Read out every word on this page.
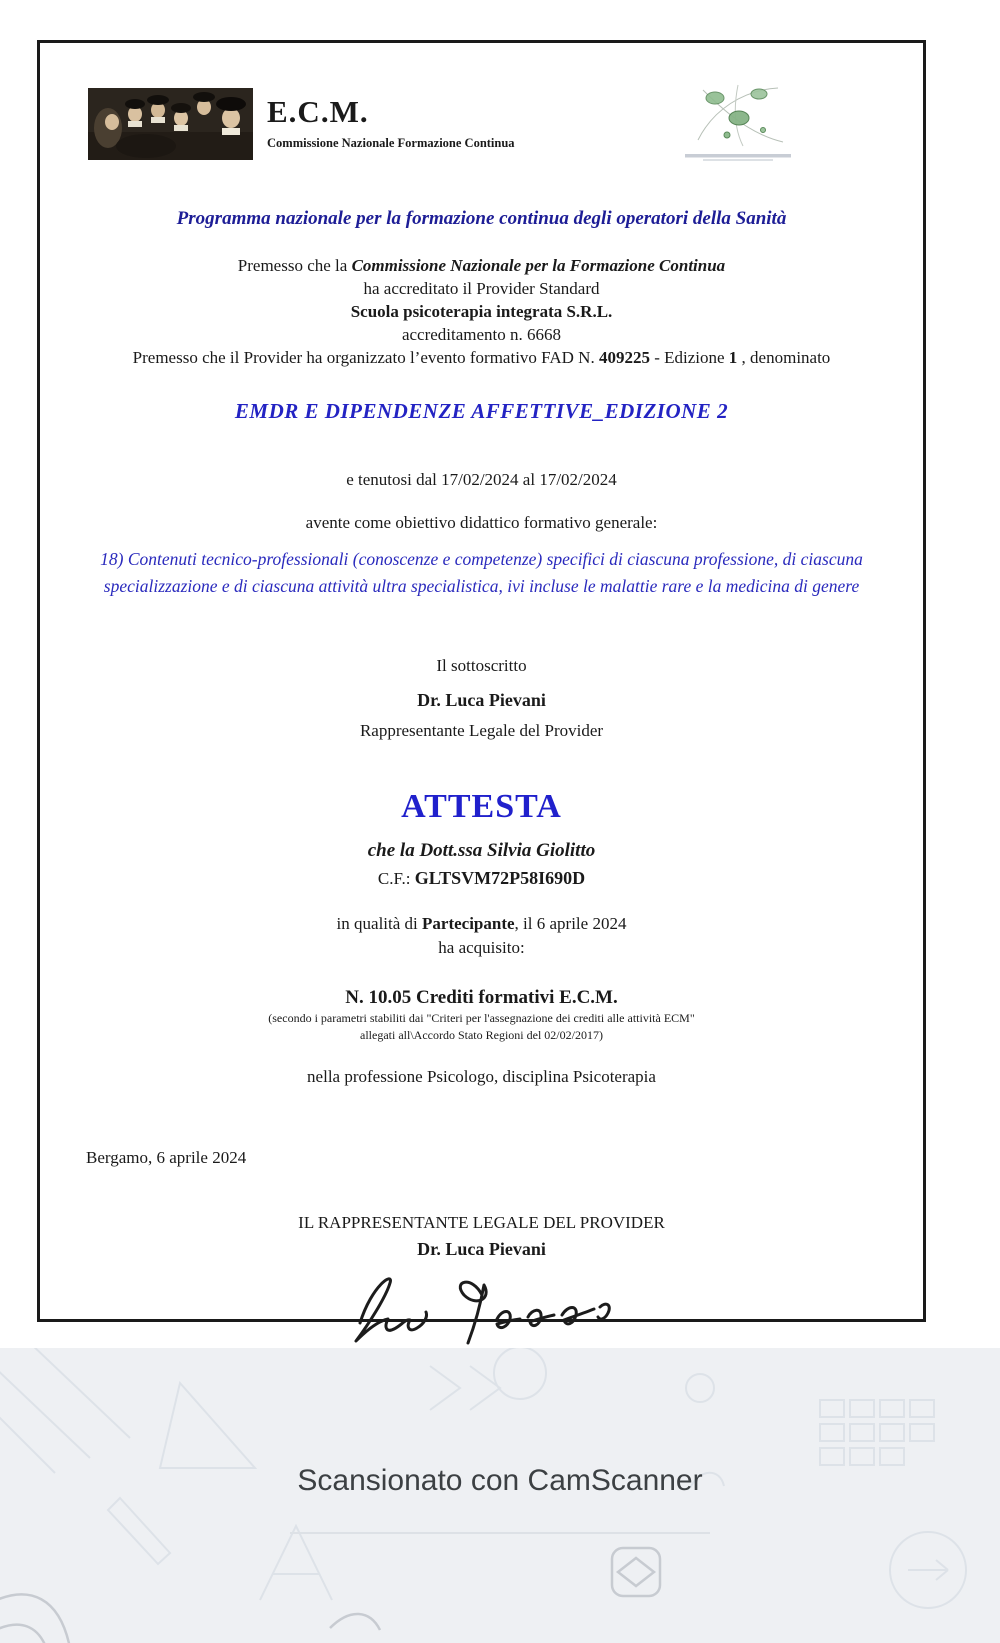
E.C.M.
Commissione Nazionale Formazione Continua
Programma nazionale per la formazione continua degli operatori della Sanità
Premesso che la Commissione Nazionale per la Formazione Continua
ha accreditato il Provider Standard
Scuola psicoterapia integrata S.R.L.
accreditamento n. 6668
Premesso che il Provider ha organizzato l’evento formativo FAD N. 409225 - Edizione 1 , denominato
EMDR E DIPENDENZE AFFETTIVE_EDIZIONE 2
e tenutosi dal 17/02/2024 al 17/02/2024
avente come obiettivo didattico formativo generale:
18) Contenuti tecnico-professionali (conoscenze e competenze) specifici di ciascuna professione, di ciascuna specializzazione e di ciascuna attività ultra specialistica, ivi incluse le malattie rare e la medicina di genere
Il sottoscritto
Dr. Luca Pievani
Rappresentante Legale del Provider
ATTESTA
che la Dott.ssa Silvia Giolitto
C.F.: GLTSVM72P58I690D
in qualità di Partecipante, il 6 aprile 2024
ha acquisito:
N. 10.05 Crediti formativi E.C.M.
(secondo i parametri stabiliti dai "Criteri per l'assegnazione dei crediti alle attività ECM"
allegati all\Accordo Stato Regioni del 02/02/2017)
nella professione Psicologo, disciplina Psicoterapia
Bergamo, 6 aprile 2024
IL RAPPRESENTANTE LEGALE DEL PROVIDER
Dr. Luca Pievani
Scansionato con CamScanner
